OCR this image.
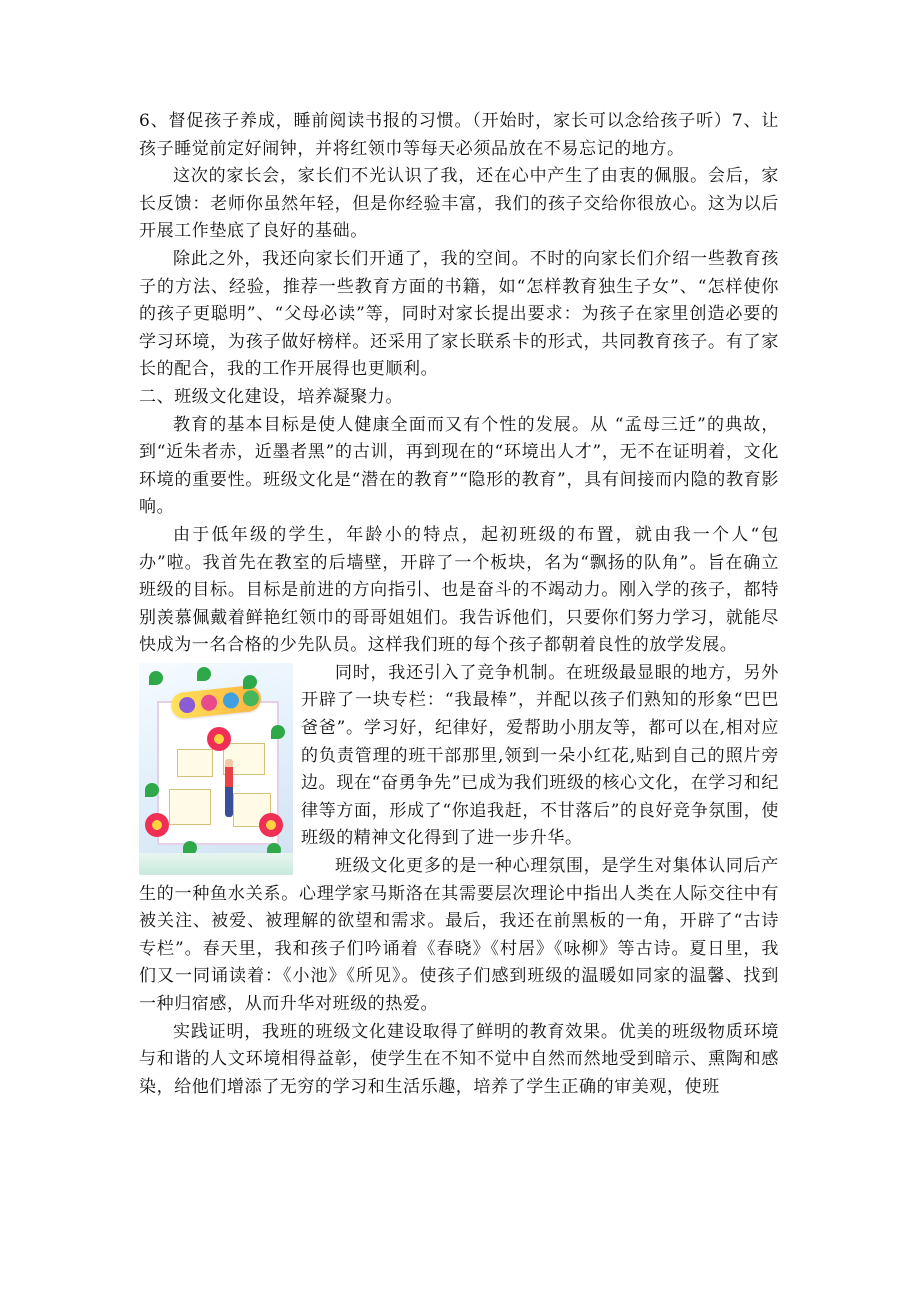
6、督促孩子养成，睡前阅读书报的习惯。（开始时，家长可以念给孩子听）7、让孩子睡觉前定好闹钟，并将红领巾等每天必须品放在不易忘记的地方。

这次的家长会，家长们不光认识了我，还在心中产生了由衷的佩服。会后，家长反馈：老师你虽然年轻，但是你经验丰富，我们的孩子交给你很放心。这为以后开展工作垫底了良好的基础。

除此之外，我还向家长们开通了，我的空间。不时的向家长们介绍一些教育孩子的方法、经验，推荐一些教育方面的书籍，如“怎样教育独生子女”、“怎样使你的孩子更聪明”、“父母必读”等，同时对家长提出要求：为孩子在家里创造必要的学习环境，为孩子做好榜样。还采用了家长联系卡的形式，共同教育孩子。有了家长的配合，我的工作开展得也更顺利。

二、班级文化建设，培养凝聚力。

教育的基本目标是使人健康全面而又有个性的发展。从 “孟母三迁”的典故，到“近朱者赤，近墨者黑”的古训，再到现在的“环境出人才”，无不在证明着，文化环境的重要性。班级文化是“潜在的教育”“隐形的教育”，具有间接而内隐的教育影响。

由于低年级的学生，年龄小的特点，起初班级的布置，就由我一个人“包办”啦。我首先在教室的后墙壁，开辟了一个板块，名为“飘扬的队角”。旨在确立班级的目标。目标是前进的方向指引、也是奋斗的不竭动力。刚入学的孩子，都特别羡慕佩戴着鲜艳红领巾的哥哥姐姐们。我告诉他们，只要你们努力学习，就能尽快成为一名合格的少先队员。这样我们班的每个孩子都朝着良性的放学发展。

同时，我还引入了竞争机制。在班级最显眼的地方，另外开辟了一块专栏：“我最棒”，并配以孩子们熟知的形象“巴巴爸爸”。学习好，纪律好，爱帮助小朋友等，都可以在,相对应的负责管理的班干部那里,领到一朵小红花,贴到自己的照片旁边。现在“奋勇争先”已成为我们班级的核心文化，在学习和纪律等方面，形成了“你追我赶，不甘落后”的良好竞争氛围，使班级的精神文化得到了进一步升华。

班级文化更多的是一种心理氛围，是学生对集体认同后产生的一种鱼水关系。心理学家马斯洛在其需要层次理论中指出人类在人际交往中有被关注、被爱、被理解的欲望和需求。最后，我还在前黑板的一角，开辟了“古诗专栏”。春天里，我和孩子们吟诵着《春晓》《村居》《咏柳》等古诗。夏日里，我们又一同诵读着：《小池》《所见》。使孩子们感到班级的温暖如同家的温馨、找到一种归宿感，从而升华对班级的热爱。

实践证明，我班的班级文化建设取得了鲜明的教育效果。优美的班级物质环境与和谐的人文环境相得益彰，使学生在不知不觉中自然而然地受到暗示、熏陶和感染，给他们增添了无穷的学习和生活乐趣，培养了学生正确的审美观，使班
